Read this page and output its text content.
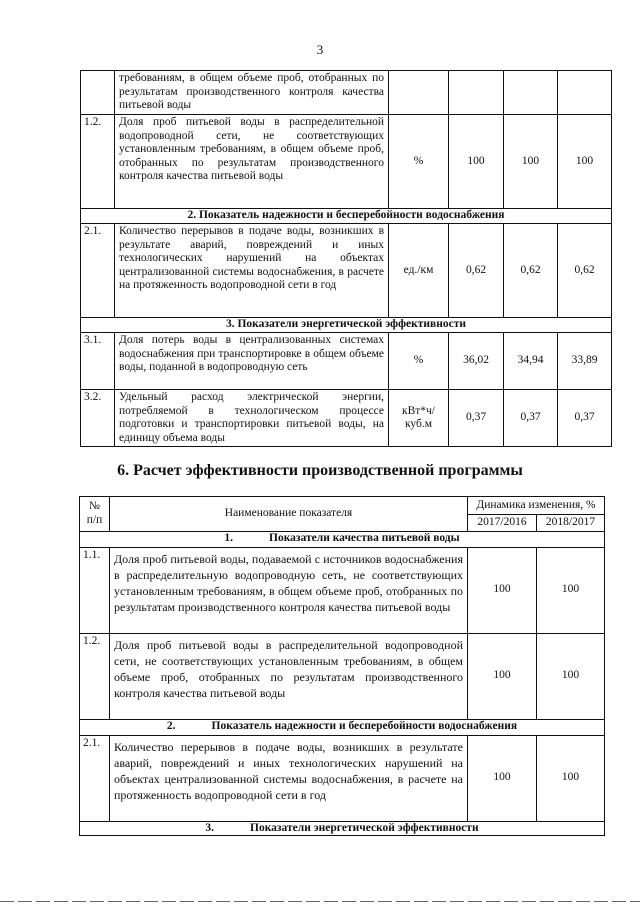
3
	требованиям, в общем объеме проб, отобранных по результатам производственного контроля качества питьевой воды				
1.2.	Доля проб питьевой воды в распределительной водопроводной сети, не соответствующих установленным требованиям, в общем объеме проб, отобранных по результатам производственного контроля качества питьевой воды	%	100	100	100
2. Показатель надежности и бесперебойности водоснабжения					
2.1.	Количество перерывов в подаче воды, возникших в результате аварий, повреждений и иных технологических нарушений на объектах централизованной системы водоснабжения, в расчете на протяженность водопроводной сети в год	ед./км	0,62	0,62	0,62
3. Показатели энергетической эффективности					
3.1.	Доля потерь воды в централизованных системах водоснабжения при транспортировке в общем объеме воды, поданной в водопроводную сеть	%	36,02	34,94	33,89
3.2.	Удельный расход электрической энергии, потребляемой в технологическом процессе подготовки и транспортировки питьевой воды, на единицу объема воды	кВт*ч/ куб.м	0,37	0,37	0,37
6. Расчет эффективности производственной программы
№ п/п	Наименование показателя	Динамика изменения, %	
		2017/2016	2018/2017
1. Показатели качества питьевой воды			
1.1.	Доля проб питьевой воды, подаваемой с источников водоснабжения в распределительную водопроводную сеть, не соответствующих установленным требованиям, в общем объеме проб, отобранных по результатам производственного контроля качества питьевой воды	100	100
1.2.	Доля проб питьевой воды в распределительной водопроводной сети, не соответствующих установленным требованиям, в общем объеме проб, отобранных по результатам производственного контроля качества питьевой воды	100	100
2. Показатель надежности и бесперебойности водоснабжения			
2.1.	Количество перерывов в подаче воды, возникших в результате аварий, повреждений и иных технологических нарушений на объектах централизованной системы водоснабжения, в расчете на протяженность водопроводной сети в год	100	100
3. Показатели энергетической эффективности			
